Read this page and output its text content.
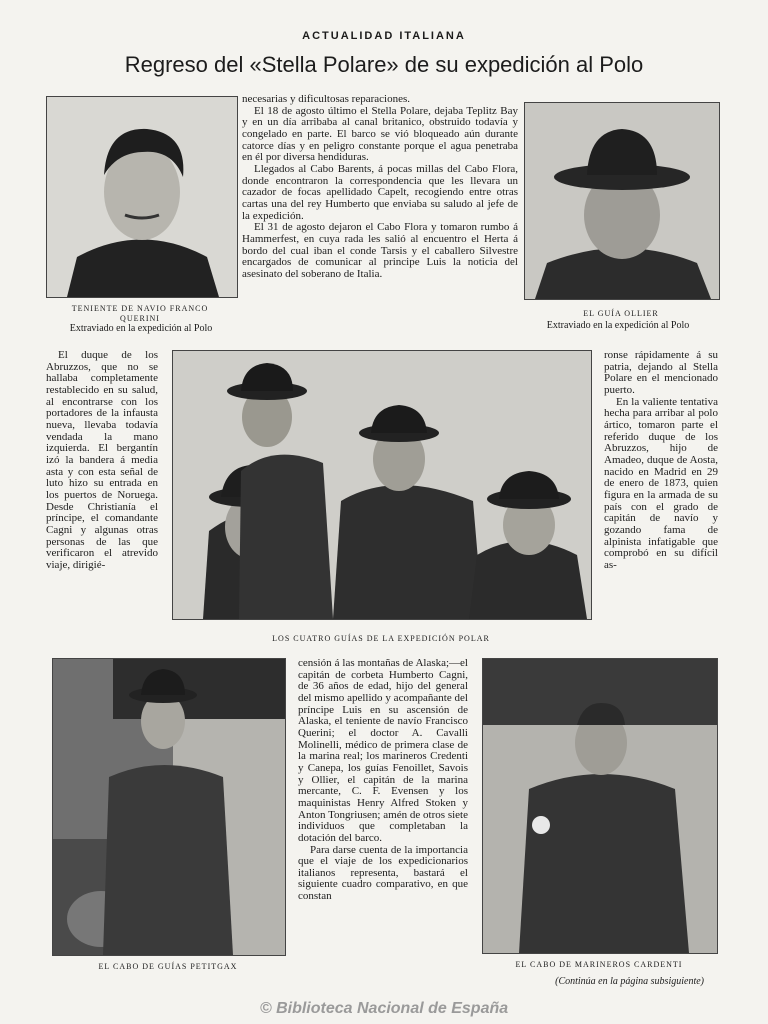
ACTUALIDAD ITALIANA
Regreso del «Stella Polare» de su expedición al Polo
TENIENTE DE NAVIO FRANCO
QUERINI
Extraviado en la expedición al Polo

necesarias y dificultosas reparaciones.

El 18 de agosto último el Stella Polare, dejaba Teplitz Bay y en un día arribaba al canal britanico, obstruido todavía y congelado en parte. El barco se vió bloqueado aún durante catorce días y en peligro constante porque el agua penetraba en él por diversa hendiduras.

Llegados al Cabo Barents, á pocas millas del Cabo Flora, donde encontraron la correspondencia que les llevara un cazador de focas apellidado Capelt, recogiendo entre otras cartas una del rey Humberto que enviaba su saludo al jefe de la expedición.

El 31 de agosto dejaron el Cabo Flora y tomaron rumbo á Hammerfest, en cuya rada les salió al encuentro el Herta á bordo del cual iban el conde Tarsis y el caballero Silvestre encargados de comunicar al principe Luis la noticia del asesinato del soberano de Italia.

EL GUÍA OLLIER
Extraviado en la expedición al Polo

El duque de los Abruzzos, que no se hallaba completamente restablecido en su salud, al encontrarse con los portadores de la infausta nueva, llevaba todavía vendada la mano izquierda. El bergantín izó la bandera á media asta y con esta señal de luto hizo su entrada en los puertos de Noruega. Desde Christianía el príncipe, el comandante Cagni y algunas otras personas de las que verificaron el atrevido viaje, dirigié-

LOS CUATRO GUÍAS DE LA EXPEDICIÓN POLAR

ronse rápidamente á su patria, dejando al Stella Polare en el mencionado puerto.

En la valiente tentativa hecha para arribar al polo ártico, tomaron parte el referido duque de los Abruzzos, hijo de Amadeo, duque de Aosta, nacido en Madrid en 29 de enero de 1873, quien figura en la armada de su país con el grado de capitán de navío y gozando fama de alpinista infatigable que comprobó en su difícil as-

EL CABO DE GUÍAS PETITGAX

censión á las montañas de Alaska;—el capitán de corbeta Humberto Cagni, de 36 años de edad, hijo del general del mismo apellido y acompañante del príncipe Luis en su ascensión de Alaska, el teniente de navío Francisco Querini; el doctor A. Cavalli Molinelli, médico de primera clase de la marina real; los marineros Credenti y Canepa, los guías Fenoillet, Savois y Ollier, el capitán de la marina mercante, C. F. Evensen y los maquinistas Henry Alfred Stoken y Anton Tongriusen; amén de otros siete individuos que completaban la dotación del barco.

Para darse cuenta de la importancia que el viaje de los expedicionarios italianos representa, bastará el siguiente cuadro comparativo, en que constan

EL CABO DE MARINEROS CARDENTI
(Continúa en la página subsiguiente)
© Biblioteca Nacional de España
